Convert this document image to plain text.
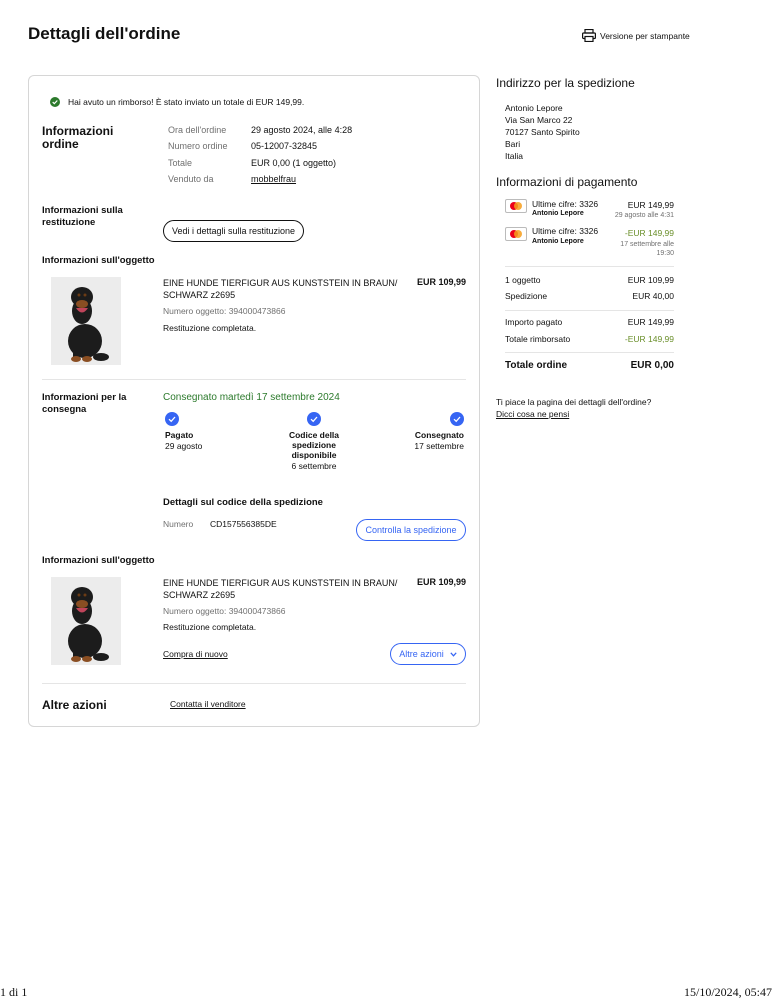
Dettagli dell'ordine	Versione per stampante
Hai avuto un rimborso! È stato inviato un totale di EUR 149,99.
Informazioni ordine
Ora dell'ordine	29 agosto 2024, alle 4:28
Numero ordine	05-12007-32845
Totale	EUR 0,00 (1 oggetto)
Venduto da	mobbelfrau
Informazioni sulla restituzione
Vedi i dettagli sulla restituzione
Informazioni sull'oggetto
EINE HUNDE TIERFIGUR AUS KUNSTSTEIN IN BRAUN/ SCHWARZ z2695
EUR 109,99
Numero oggetto: 394000473866
Restituzione completata.
Informazioni per la consegna
Consegnato martedì 17 settembre 2024
Pagato
29 agosto
Codice della spedizione disponibile
6 settembre
Consegnato
17 settembre
Dettagli sul codice della spedizione
Numero CD157556385DE
Controlla la spedizione
Informazioni sull'oggetto
EINE HUNDE TIERFIGUR AUS KUNSTSTEIN IN BRAUN/ SCHWARZ z2695
EUR 109,99
Numero oggetto: 394000473866
Restituzione completata.
Compra di nuovo	Altre azioni
Altre azioni	Contatta il venditore
Indirizzo per la spedizione
Antonio Lepore
Via San Marco 22
70127 Santo Spirito
Bari
Italia
Informazioni di pagamento
Ultime cifre: 3326
Antonio Lepore
EUR 149,99
29 agosto alle 4:31
Ultime cifre: 3326
Antonio Lepore
-EUR 149,99
17 settembre alle 19:30
1 oggetto	EUR 109,99
Spedizione	EUR 40,00
Importo pagato	EUR 149,99
Totale rimborsato	-EUR 149,99
Totale ordine	EUR 0,00
Ti piace la pagina dei dettagli dell'ordine?
Dicci cosa ne pensi
1 di 1	15/10/2024, 05:47
